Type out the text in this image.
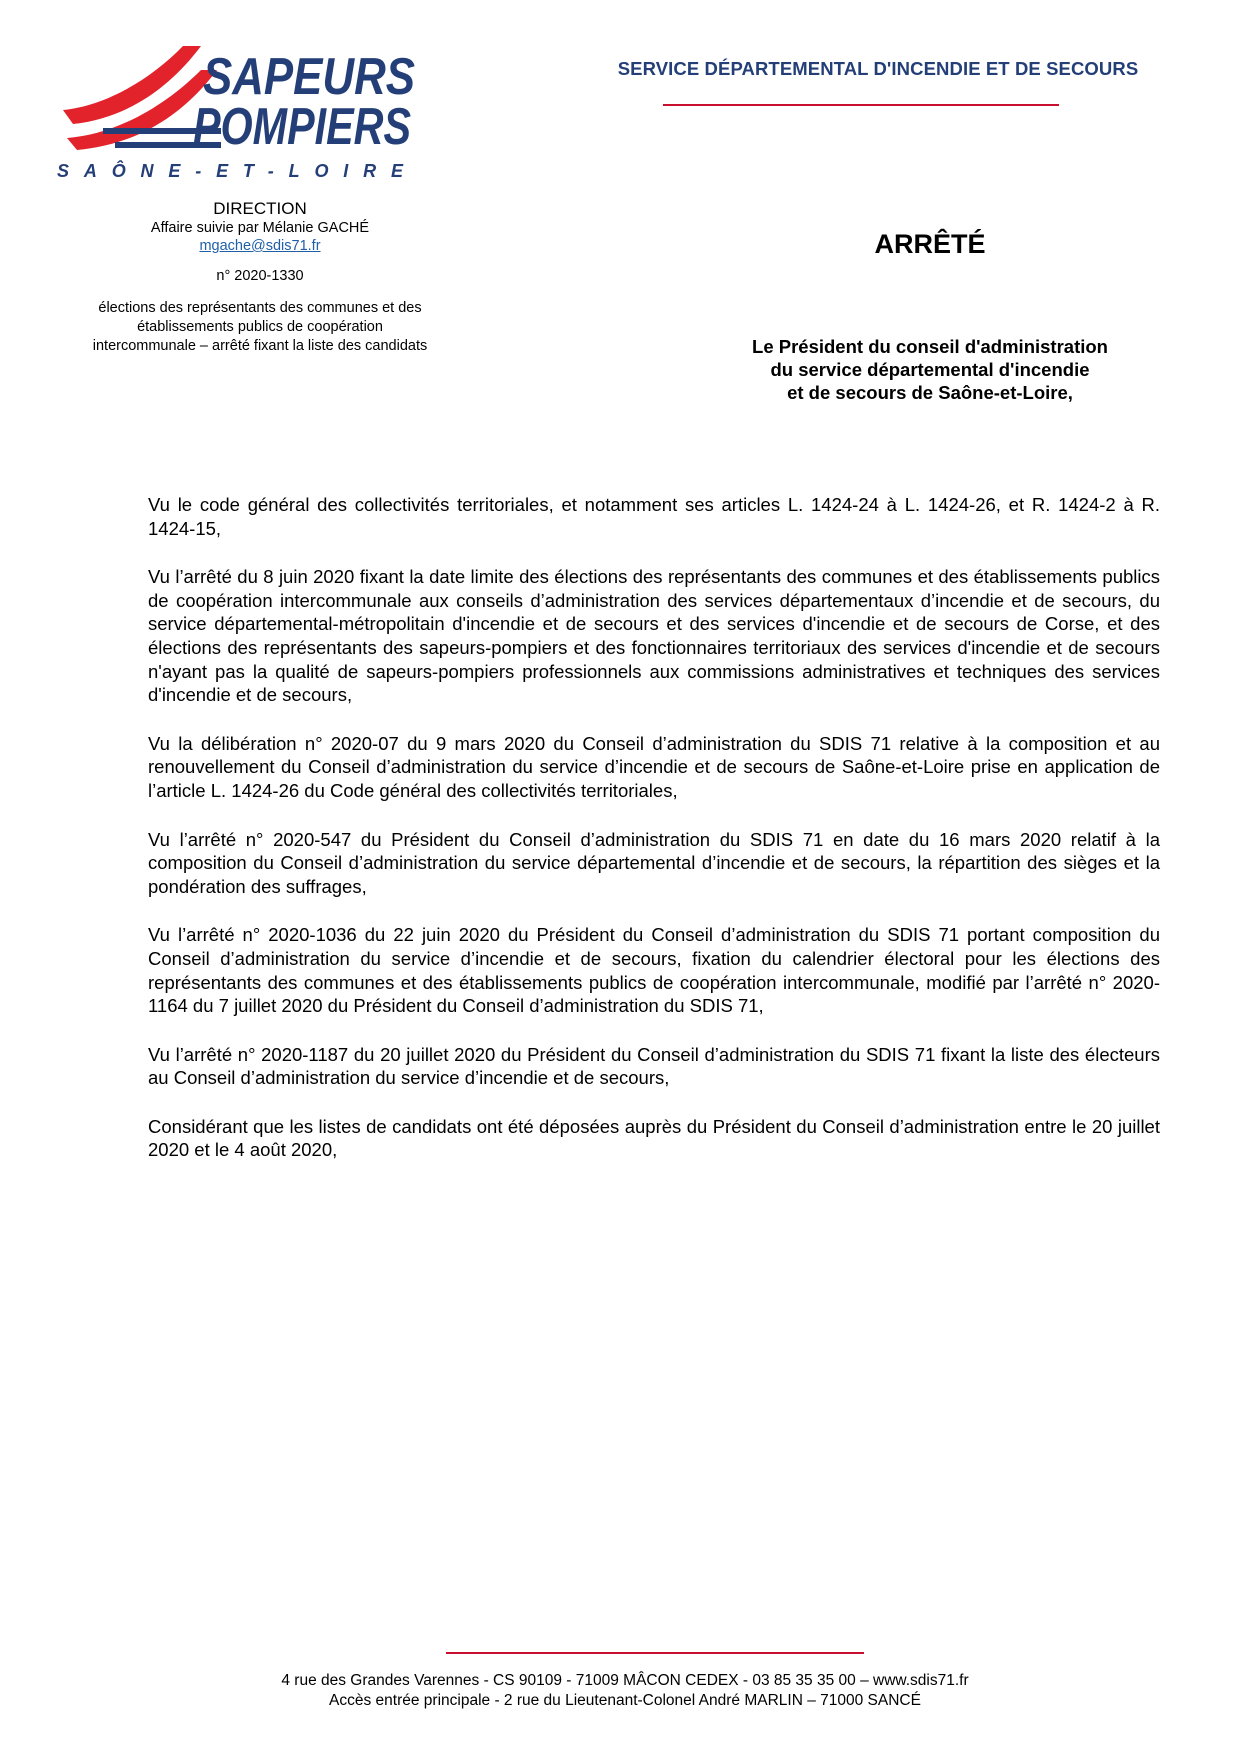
SAPEURS
POMPIERS
SAÔNE-ET-LOIRE
DIRECTION
Affaire suivie par Mélanie GACHÉ
mgache@sdis71.fr
n° 2020-1330
élections des représentants des communes et des
établissements publics de coopération
intercommunale – arrêté fixant la liste des candidats
SERVICE DÉPARTEMENTAL D'INCENDIE ET DE SECOURS
ARRÊTÉ
Le Président du conseil d'administration
du service départemental d'incendie
et de secours de Saône-et-Loire,

Vu le code général des collectivités territoriales, et notamment ses articles L. 1424-24 à L. 1424-26, et R. 1424-2 à R. 1424-15,

Vu l’arrêté du 8 juin 2020 fixant la date limite des élections des représentants des communes et des établissements publics de coopération intercommunale aux conseils d’administration des services départementaux d’incendie et de secours, du service départemental-métropolitain d'incendie et de secours et des services d'incendie et de secours de Corse, et des élections des représentants des sapeurs-pompiers et des fonctionnaires territoriaux des services d'incendie et de secours n'ayant pas la qualité de sapeurs-pompiers professionnels aux commissions administratives et techniques des services d'incendie et de secours,

Vu la délibération n° 2020-07 du 9 mars 2020 du Conseil d’administration du SDIS 71 relative à la composition et au renouvellement du Conseil d’administration du service d’incendie et de secours de Saône-et-Loire prise en application de l’article L. 1424-26 du Code général des collectivités territoriales,

Vu l’arrêté n° 2020-547 du Président du Conseil d’administration du SDIS 71 en date du 16 mars 2020 relatif à la composition du Conseil d’administration du service départemental d’incendie et de secours, la répartition des sièges et la pondération des suffrages,

Vu l’arrêté n° 2020-1036 du 22 juin 2020 du Président du Conseil d’administration du SDIS 71 portant composition du Conseil d’administration du service d’incendie et de secours, fixation du calendrier électoral pour les élections des représentants des communes et des établissements publics de coopération intercommunale, modifié par l’arrêté n° 2020-1164 du 7 juillet 2020 du Président du Conseil d’administration du SDIS 71,

Vu l’arrêté n° 2020-1187 du 20 juillet 2020 du Président du Conseil d’administration du SDIS 71 fixant la liste des électeurs au Conseil d’administration du service d’incendie et de secours,

Considérant que les listes de candidats ont été déposées auprès du Président du Conseil d’administration entre le 20 juillet 2020 et le 4 août 2020,

4 rue des Grandes Varennes - CS 90109 - 71009 MÂCON CEDEX - 03 85 35 35 00 – www.sdis71.fr
Accès entrée principale - 2 rue du Lieutenant-Colonel André MARLIN – 71000 SANCÉ
